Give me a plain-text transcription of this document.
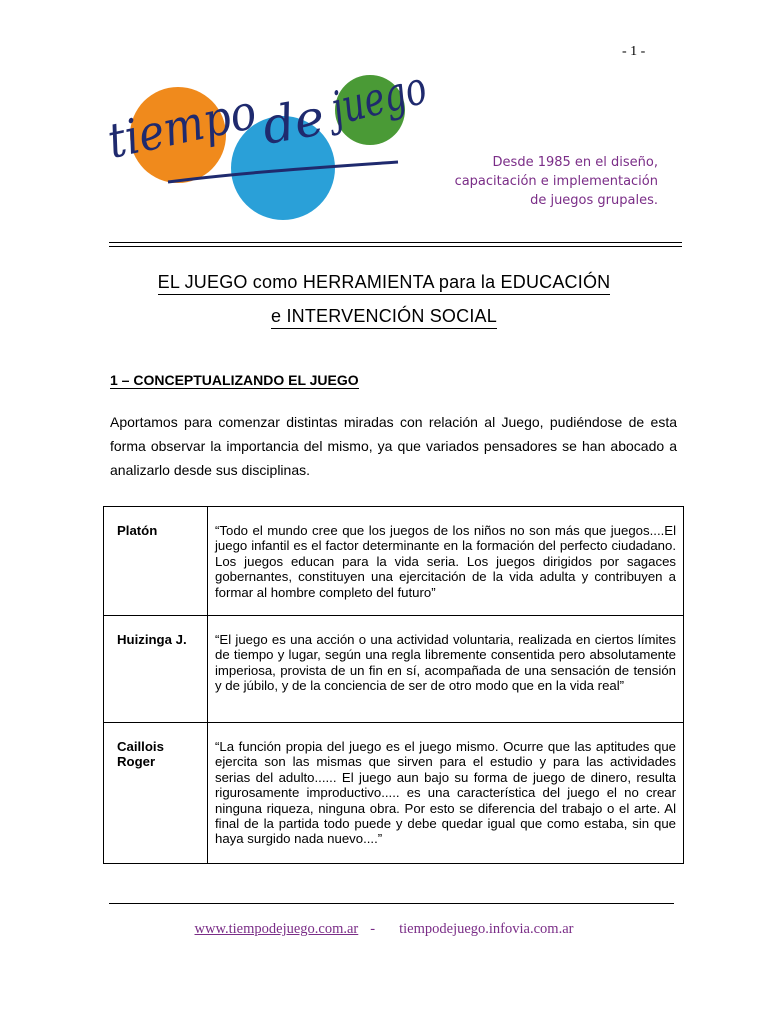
- 1 -
tiempo
de
juego
Desde 1985 en el diseño,
capacitación e implementación
de juegos grupales.
EL JUEGO como HERRAMIENTA para la EDUCACIÓN
e INTERVENCIÓN SOCIAL
1 – CONCEPTUALIZANDO EL JUEGO
Aportamos para comenzar distintas miradas con relación al Juego, pudiéndose de esta forma observar la importancia del mismo, ya que variados pensadores se han abocado a analizarlo desde sus disciplinas.
Platón	“Todo el mundo cree que los juegos de los niños no son más que juegos....El juego infantil es el factor determinante en la formación del perfecto ciudadano. Los juegos educan para la vida seria. Los juegos dirigidos por sagaces gobernantes, constituyen una ejercitación de la vida adulta y contribuyen a formar al hombre completo del futuro”
Huizinga J.	“El juego es una acción o una actividad voluntaria, realizada en ciertos límites de tiempo y lugar, según una regla libremente consentida pero absolutamente imperiosa, provista de un fin en sí, acompañada de una sensación de tensión y de júbilo, y de la conciencia de ser de otro modo que en la vida real”
Caillois Roger	“La función propia del juego es el juego mismo. Ocurre que las aptitudes que ejercita son las mismas que sirven para el estudio y para las actividades serias del adulto...... El juego aun bajo su forma de juego de dinero, resulta rigurosamente improductivo..... es una característica del juego el no crear ninguna riqueza, ninguna obra. Por esto se diferencia del trabajo o el arte. Al final de la partida todo puede y debe quedar igual que como estaba, sin que haya surgido nada nuevo....”
www.tiempodejuego.com.ar - tiempodejuego.infovia.com.ar
